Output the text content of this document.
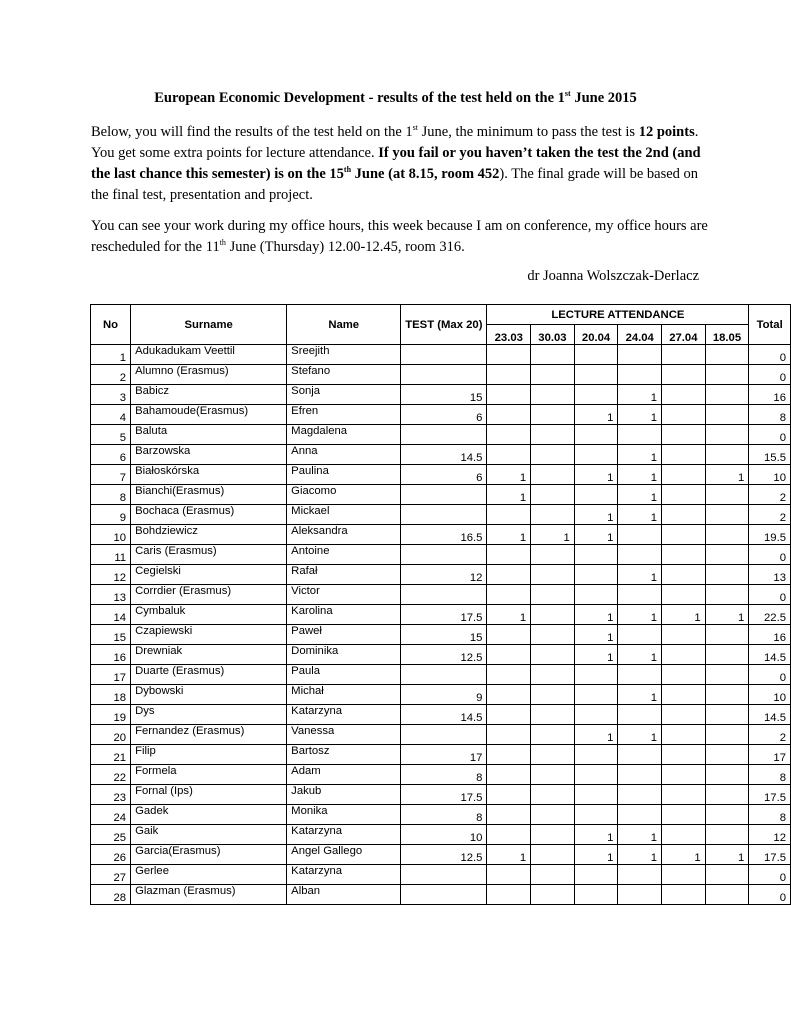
European Economic Development - results of the test held on the 1st June 2015

Below, you will find the results of the test held on the 1st June, the minimum to pass the test is 12 points. You get some extra points for lecture attendance. If you fail or you haven’t taken the test the 2nd (and the last chance this semester) is on the 15th June (at 8.15, room 452). The final grade will be based on the final test, presentation and project.

You can see your work during my office hours, this week because I am on conference, my office hours are rescheduled for the 11th June (Thursday) 12.00-12.45, room 316.

dr Joanna Wolszczak-Derlacz
No	Surname	Name	TEST (Max 20)	LECTURE ATTENDANCE						Total
				23.03	30.03	20.04	24.04	27.04	18.05	
1	Adukadukam Veettil	Sreejith								0
2	Alumno (Erasmus)	Stefano								0
3	Babicz	Sonja	15				1			16
4	Bahamoude(Erasmus)	Efren	6			1	1			8
5	Baluta	Magdalena								0
6	Barzowska	Anna	14.5				1			15.5
7	Białoskórska	Paulina	6	1		1	1		1	10
8	Bianchi(Erasmus)	Giacomo		1			1			2
9	Bochaca (Erasmus)	Mickael				1	1			2
10	Bohdziewicz	Aleksandra	16.5	1	1	1				19.5
11	Caris (Erasmus)	Antoine								0
12	Cegielski	Rafał	12				1			13
13	Corrdier (Erasmus)	Victor								0
14	Cymbaluk	Karolina	17.5	1		1	1	1	1	22.5
15	Czapiewski	Paweł	15			1				16
16	Drewniak	Dominika	12.5			1	1			14.5
17	Duarte (Erasmus)	Paula								0
18	Dybowski	Michał	9				1			10
19	Dys	Katarzyna	14.5							14.5
20	Fernandez (Erasmus)	Vanessa				1	1			2
21	Filip	Bartosz	17							17
22	Formela	Adam	8							8
23	Fornal (Ips)	Jakub	17.5							17.5
24	Gadek	Monika	8							8
25	Gaik	Katarzyna	10			1	1			12
26	Garcia(Erasmus)	Angel Gallego	12.5	1		1	1	1	1	17.5
27	Gerlee	Katarzyna								0
28	Glazman (Erasmus)	Alban								0
